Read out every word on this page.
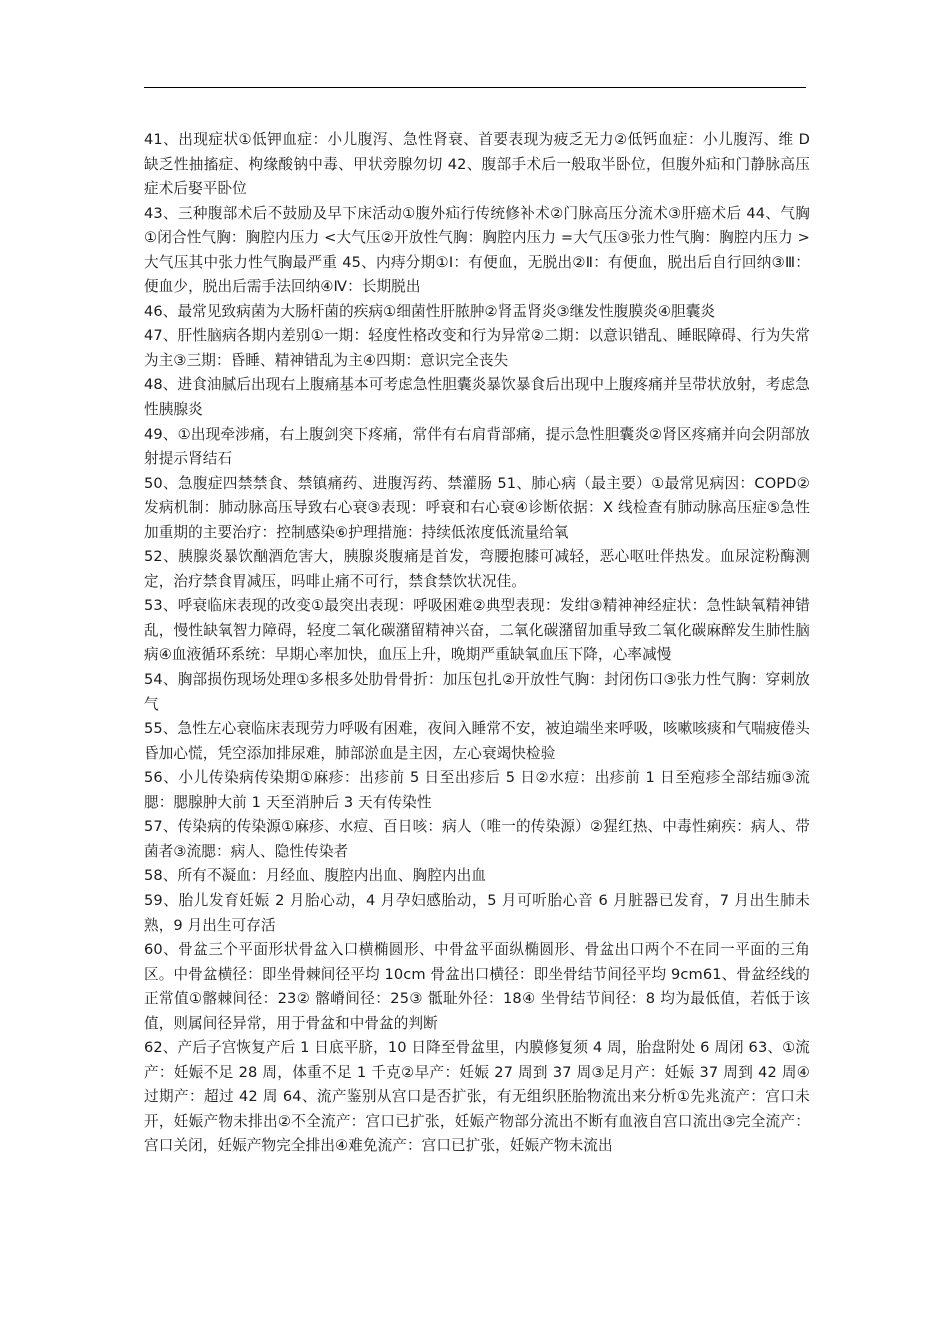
41、出现症状①低钾血症：小儿腹泻、急性肾衰、首要表现为疲乏无力②低钙血症：小儿腹泻、维 D 缺乏性抽搐症、枸缘酸钠中毒、甲状旁腺勿切 42、腹部手术后一般取半卧位，但腹外疝和门静脉高压症术后娶平卧位

43、三种腹部术后不鼓励及早下床活动①腹外疝行传统修补术②门脉高压分流术③肝癌术后 44、气胸①闭合性气胸：胸腔内压力 <大气压②开放性气胸：胸腔内压力 =大气压③张力性气胸：胸腔内压力 >大气压其中张力性气胸最严重 45、内痔分期①Ⅰ：有便血，无脱出②Ⅱ：有便血，脱出后自行回纳③Ⅲ：便血少，脱出后需手法回纳④Ⅳ：长期脱出

46、最常见致病菌为大肠杆菌的疾病①细菌性肝脓肿②肾盂肾炎③继发性腹膜炎④胆囊炎

47、肝性脑病各期内差别①一期：轻度性格改变和行为异常②二期：以意识错乱、睡眠障碍、行为失常为主③三期：昏睡、精神错乱为主④四期：意识完全丧失

48、进食油腻后出现右上腹痛基本可考虑急性胆囊炎暴饮暴食后出现中上腹疼痛并呈带状放射，考虑急性胰腺炎

49、①出现牵涉痛，右上腹剑突下疼痛，常伴有右肩背部痛，提示急性胆囊炎②肾区疼痛并向会阴部放射提示肾结石

50、急腹症四禁禁食、禁镇痛药、进腹泻药、禁灌肠 51、肺心病（最主要）①最常见病因：COPD② 发病机制：肺动脉高压导致右心衰③表现：呼衰和右心衰④诊断依据：X 线检查有肺动脉高压症⑤急性加重期的主要治疗：控制感染⑥护理措施：持续低浓度低流量给氧

52、胰腺炎暴饮酗酒危害大，胰腺炎腹痛是首发，弯腰抱膝可减轻，恶心呕吐伴热发。血尿淀粉酶测定，治疗禁食胃减压，吗啡止痛不可行，禁食禁饮状况佳。

53、呼衰临床表现的改变①最突出表现：呼吸困难②典型表现：发绀③精神神经症状：急性缺氧精神错乱，慢性缺氧智力障碍，轻度二氧化碳潴留精神兴奋，二氧化碳潴留加重导致二氧化碳麻醉发生肺性脑病④血液循环系统：早期心率加快，血压上升，晚期严重缺氧血压下降，心率减慢

54、胸部损伤现场处理①多根多处肋骨骨折：加压包扎②开放性气胸：封闭伤口③张力性气胸：穿刺放气

55、急性左心衰临床表现劳力呼吸有困难，夜间入睡常不安，被迫端坐来呼吸，咳嗽咳痰和气喘疲倦头昏加心慌，凭空添加排尿难，肺部淤血是主因，左心衰竭快检验

56、小儿传染病传染期①麻疹：出疹前 5 日至出疹后 5 日②水痘：出疹前 1 日至疱疹全部结痂③流腮：腮腺肿大前 1 天至消肿后 3 天有传染性

57、传染病的传染源①麻疹、水痘、百日咳：病人（唯一的传染源）②猩红热、中毒性痢疾：病人、带菌者③流腮：病人、隐性传染者

58、所有不凝血：月经血、腹腔内出血、胸腔内出血

59、胎儿发育妊娠 2 月胎心动，4 月孕妇感胎动，5 月可听胎心音 6 月脏器已发育，7 月出生肺未熟，9 月出生可存活

60、骨盆三个平面形状骨盆入口横椭圆形、中骨盆平面纵椭圆形、骨盆出口两个不在同一平面的三角区。中骨盆横径：即坐骨棘间径平均 10cm 骨盆出口横径：即坐骨结节间径平均 9cm61、骨盆经线的正常值①髂棘间径：23② 髂嵴间径：25③ 骶耻外径：18④ 坐骨结节间径：8 均为最低值，若低于该值，则属间径异常，用于骨盆和中骨盆的判断

62、产后子宫恢复产后 1 日底平脐，10 日降至骨盆里，内膜修复须 4 周，胎盘附处 6 周闭 63、①流产：妊娠不足 28 周，体重不足 1 千克②早产：妊娠 27 周到 37 周③足月产：妊娠 37 周到 42 周④过期产：超过 42 周 64、流产鉴别从宫口是否扩张，有无组织胚胎物流出来分析①先兆流产：宫口未开，妊娠产物未排出②不全流产：宫口已扩张，妊娠产物部分流出不断有血液自宫口流出③完全流产：宫口关闭，妊娠产物完全排出④难免流产：宫口已扩张，妊娠产物未流出
